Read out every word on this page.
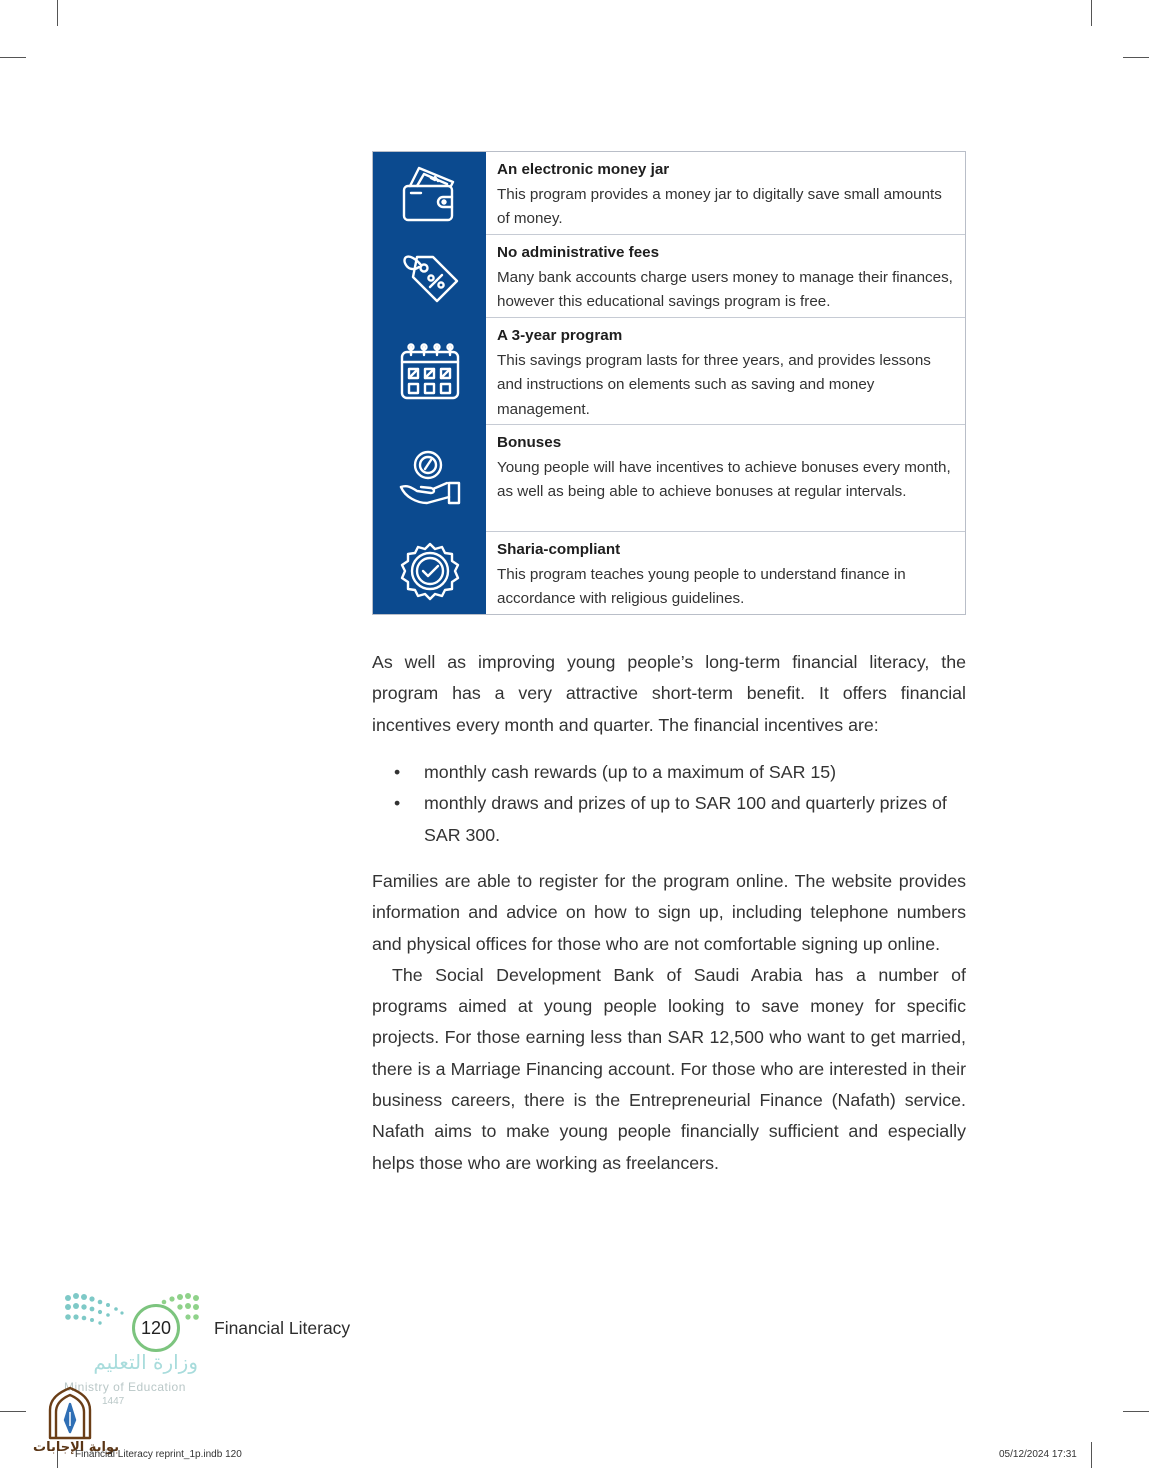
An electronic money jar
This program provides a money jar to digitally save small amounts of money.
No administrative fees
Many bank accounts charge users money to manage their finances, however this educational savings program is free.
A 3-year program
This savings program lasts for three years, and provides lessons and instructions on elements such as saving and money management.
Bonuses
Young people will have incentives to achieve bonuses every month, as well as being able to achieve bonuses at regular intervals.
Sharia-compliant
This program teaches young people to understand finance in accordance with religious guidelines.

As well as improving young people’s long-term financial literacy, the program has a very attractive short-term benefit. It offers financial incentives every month and quarter. The financial incentives are:

• monthly cash rewards (up to a maximum of SAR 15)
• monthly draws and prizes of up to SAR 100 and quarterly prizes of SAR 300.

Families are able to register for the program online. The website provides information and advice on how to sign up, including telephone numbers and physical offices for those who are not comfortable signing up online.

The Social Development Bank of Saudi Arabia has a number of programs aimed at young people looking to save money for specific projects. For those earning less than SAR 12,500 who want to get married, there is a Marriage Financing account. For those who are interested in their business careers, there is the Entrepreneurial Finance (Nafath) service. Nafath aims to make young people financially sufficient and especially helps those who are working as freelancers.

120	Financial Literacy
وزارة التعليم
Ministry of Education
1447
بوابة الإجابات
Financial Literacy reprint_1p.indb 120	05/12/2024 17:31
